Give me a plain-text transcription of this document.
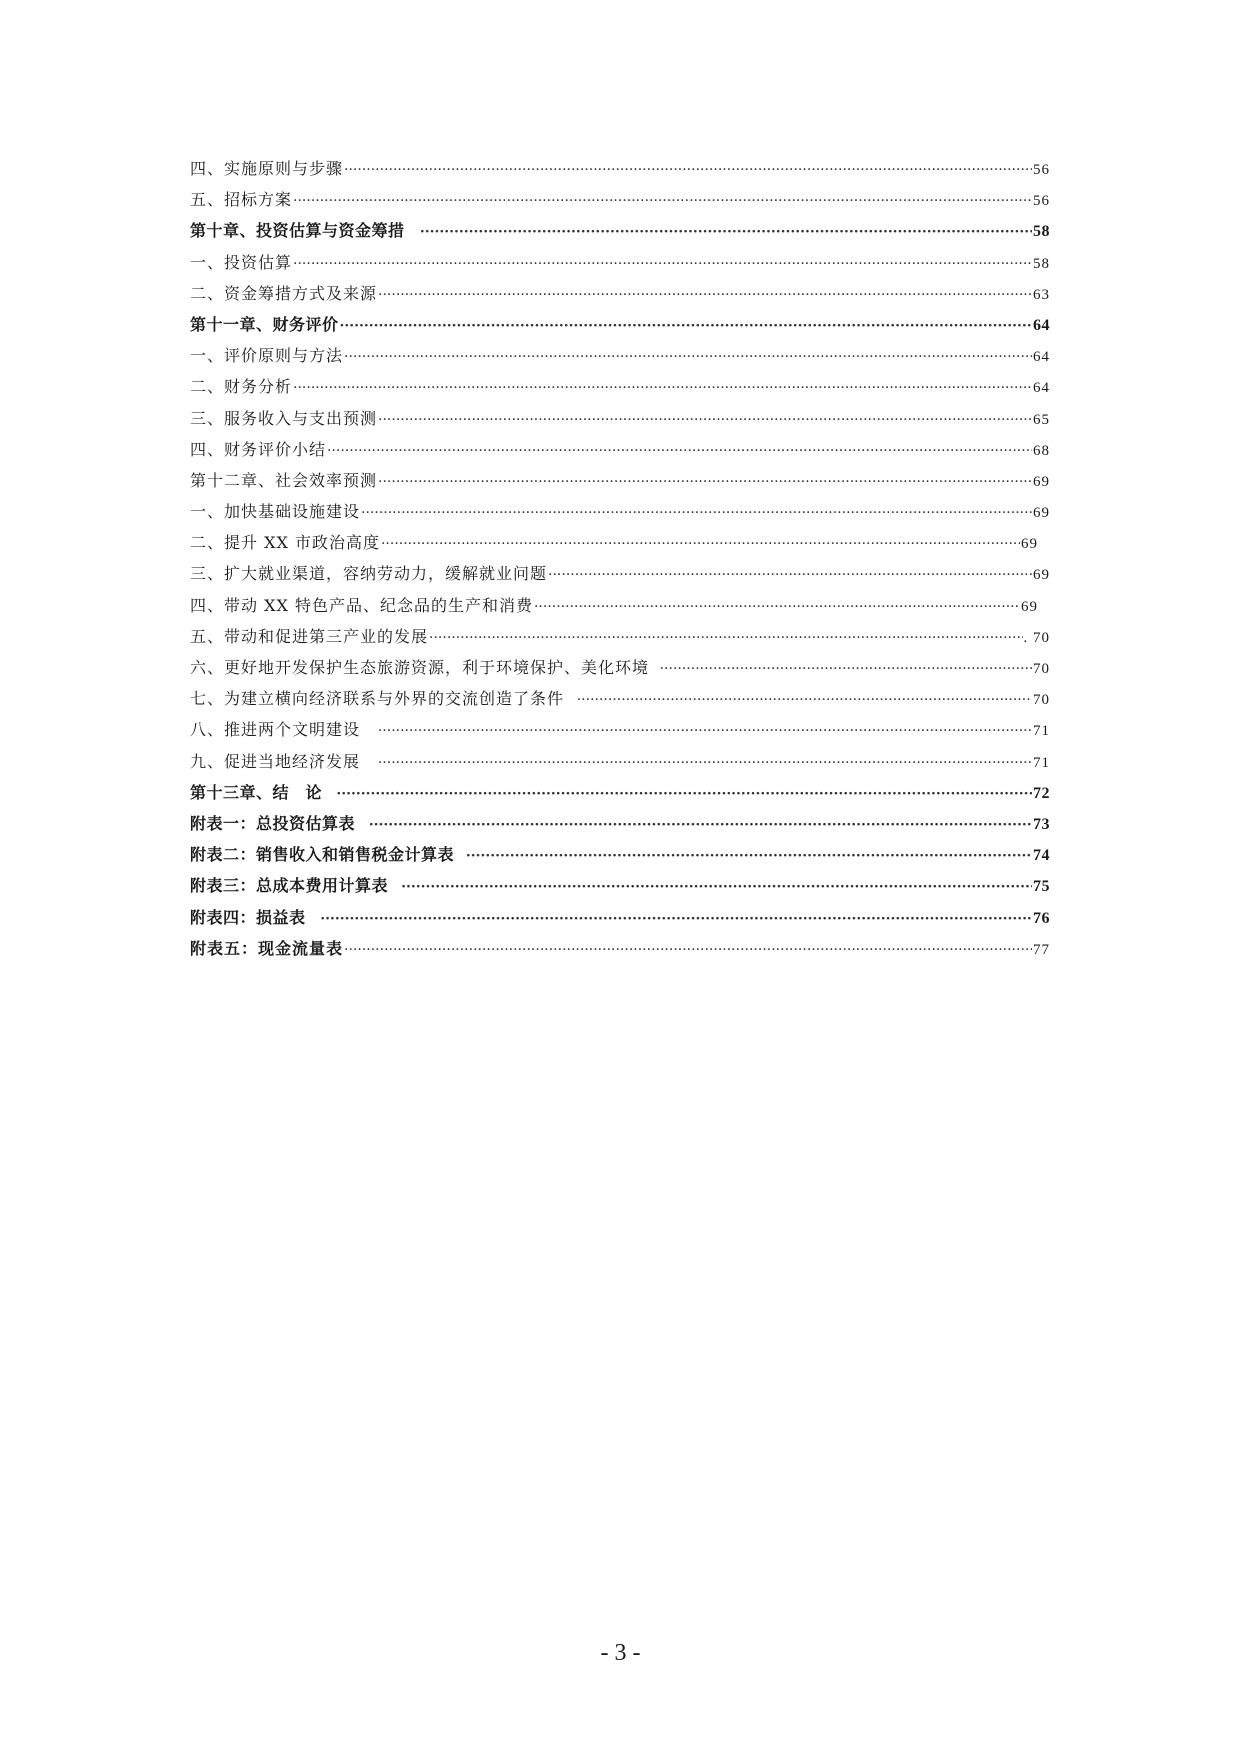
四、实施原则与步骤 ·····	56
五、招标方案 ·····	56
第十章、投资估算与资金筹措 ·····	58
一、投资估算 ·····	58
二、资金筹措方式及来源 ·····	63
第十一章、财务评价 ·····	64
一、评价原则与方法 ·····	64
二、财务分析 ·····	64
三、服务收入与支出预测 ·····	65
四、财务评价小结 ·····	68
第十二章、社会效率预测 ·····	69
一、加快基础设施建设 ·····	69
二、提升 XX 市政治高度 ·····	69
三、扩大就业渠道，容纳劳动力，缓解就业问题 ·····	69
四、带动 XX 特色产品、纪念品的生产和消费 ·····	69
五、带动和促进第三产业的发展 ·····	. 70
六、更好地开发保护生态旅游资源，利于环境保护、美化环境 ·····	70
七、为建立横向经济联系与外界的交流创造了条件 ·····	70
八、推进两个文明建设 ·····	71
九、促进当地经济发展 ·····	71
第十三章、结　论 ·····	72
附表一：总投资估算表 ·····	73
附表二：销售收入和销售税金计算表 ·····	74
附表三：总成本费用计算表 ·····	75
附表四：损益表 ·····	76
附表五：现金流量表 ·····	77
- 3 -
